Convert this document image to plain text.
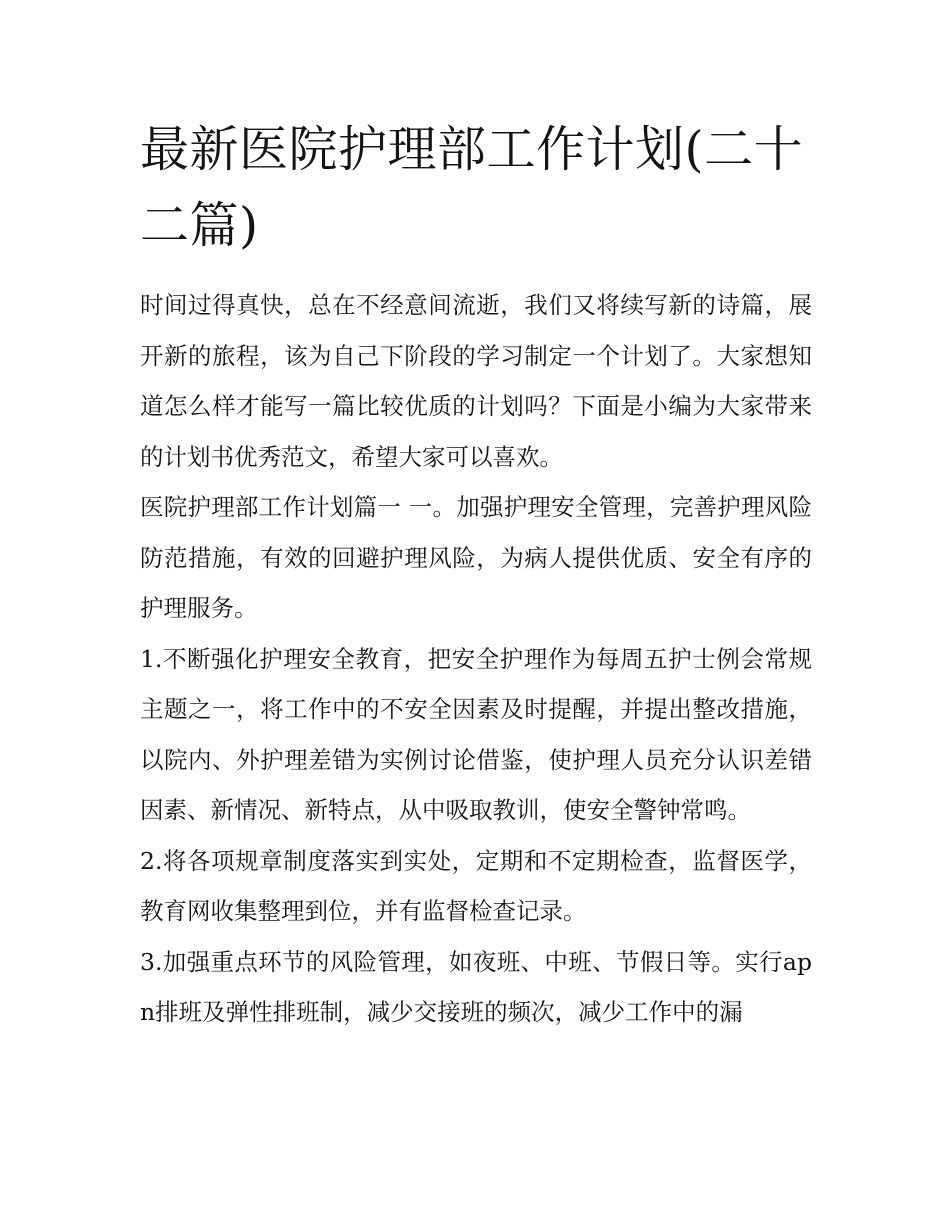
最新医院护理部工作计划(二十二篇)

时间过得真快，总在不经意间流逝，我们又将续写新的诗篇，展开新的旅程，该为自己下阶段的学习制定一个计划了。大家想知道怎么样才能写一篇比较优质的计划吗？下面是小编为大家带来的计划书优秀范文，希望大家可以喜欢。

医院护理部工作计划篇一 一。加强护理安全管理，完善护理风险防范措施，有效的回避护理风险，为病人提供优质、安全有序的护理服务。

1.不断强化护理安全教育，把安全护理作为每周五护士例会常规主题之一，将工作中的不安全因素及时提醒，并提出整改措施，以院内、外护理差错为实例讨论借鉴，使护理人员充分认识差错因素、新情况、新特点，从中吸取教训，使安全警钟常鸣。

2.将各项规章制度落实到实处，定期和不定期检查，监督医学，教育网收集整理到位，并有监督检查记录。

3.加强重点环节的风险管理，如夜班、中班、节假日等。实行apn排班及弹性排班制，减少交接班的频次，减少工作中的漏
